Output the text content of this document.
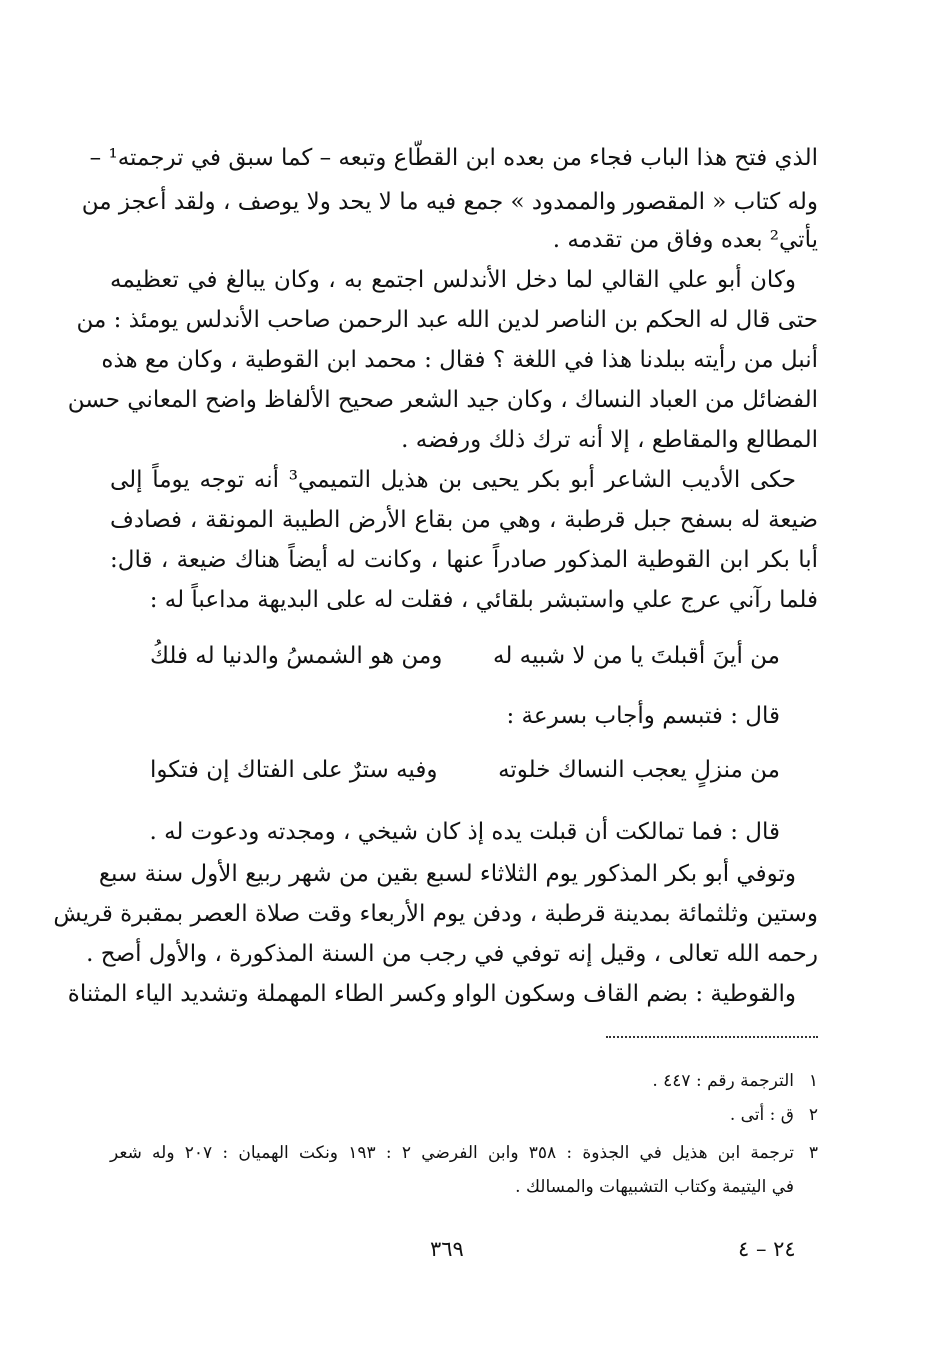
الذي فتح هذا الباب فجاء من بعده ابن القطّاع وتبعه – كما سبق في ترجمته¹ –
وله كتاب « المقصور والممدود » جمع فيه ما لا يحد ولا يوصف ، ولقد أعجز من
يأتي² بعده وفاق من تقدمه .
وكان أبو علي القالي لما دخل الأندلس اجتمع به ، وكان يبالغ في تعظيمه
حتى قال له الحكم بن الناصر لدين الله عبد الرحمن صاحب الأندلس يومئذ : من
أنبل من رأيته ببلدنا هذا في اللغة ؟ فقال : محمد ابن القوطية ، وكان مع هذه
الفضائل من العباد النساك ، وكان جيد الشعر صحيح الألفاظ واضح المعاني حسن
المطالع والمقاطع ، إلا أنه ترك ذلك ورفضه .
حكى الأديب الشاعر أبو بكر يحيى بن هذيل التميمي³ أنه توجه يوماً إلى
ضيعة له بسفح جبل قرطبة ، وهي من بقاع الأرض الطيبة المونقة ، فصادف
أبا بكر ابن القوطية المذكور صادراً عنها ، وكانت له أيضاً هناك ضيعة ، قال:
فلما رآني عرج علي واستبشر بلقائي ، فقلت له على البديهة مداعباً له :
من أينَ أقبلتَ يا من لا شبيه له
ومن هو الشمسُ والدنيا له فلكُ
قال : فتبسم وأجاب بسرعة :
من منزلٍ يعجب النساك خلوته
وفيه سترٌ على الفتاك إن فتكوا
قال : فما تمالكت أن قبلت يده إذ كان شيخي ، ومجدته ودعوت له .
وتوفي أبو بكر المذكور يوم الثلاثاء لسبع بقين من شهر ربيع الأول سنة سبع
وستين وثلثمائة بمدينة قرطبة ، ودفن يوم الأربعاء وقت صلاة العصر بمقبرة قريش
رحمه الله تعالى ، وقيل إنه توفي في رجب من السنة المذكورة ، والأول أصح .
والقوطية : بضم القاف وسكون الواو وكسر الطاء المهملة وتشديد الياء المثناة
١الترجمة رقم : ٤٤٧ .
٢ق : أتى .
٣ترجمة ابن هذيل في الجذوة : ٣٥٨ وابن الفرضي ٢ : ١٩٣ ونكت الهميان : ٢٠٧ وله شعر
في اليتيمة وكتاب التشبيهات والمسالك .
٢٤ – ٤
٣٦٩
